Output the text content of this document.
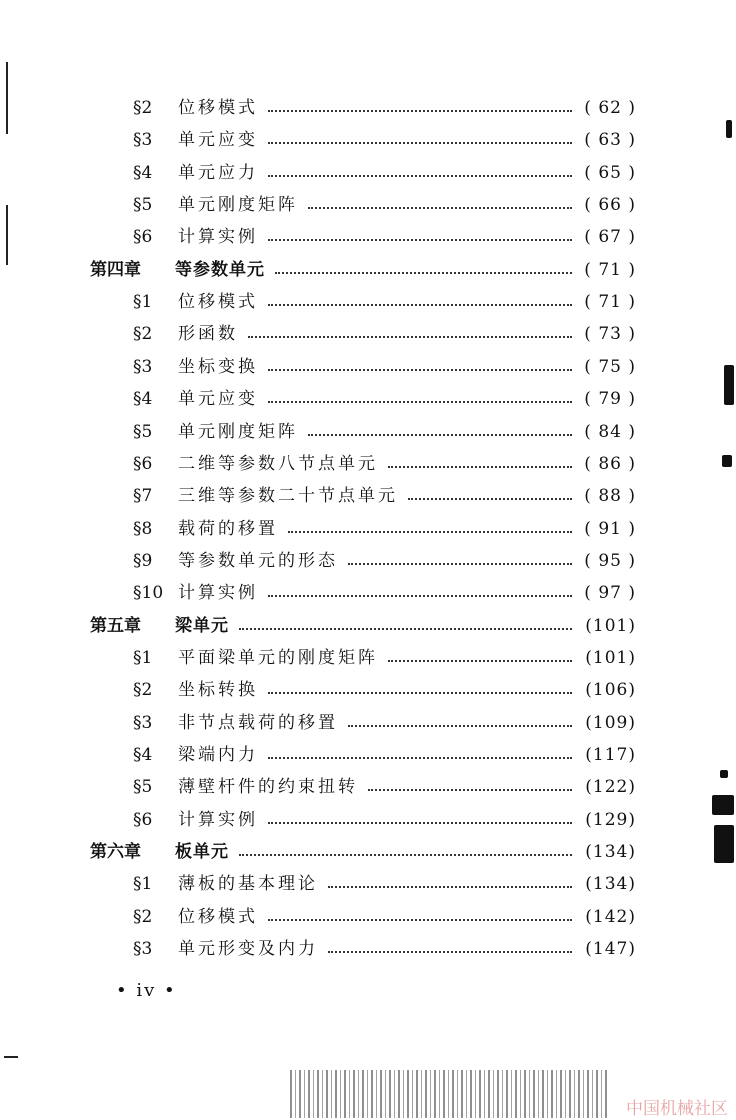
§2 位移模式	( 62 )
§3 单元应变	( 63 )
§4 单元应力	( 65 )
§5 单元刚度矩阵	( 66 )
§6 计算实例	( 67 )
第四章 等参数单元	( 71 )
§1 位移模式	( 71 )
§2 形函数	( 73 )
§3 坐标变换	( 75 )
§4 单元应变	( 79 )
§5 单元刚度矩阵	( 84 )
§6 二维等参数八节点单元	( 86 )
§7 三维等参数二十节点单元	( 88 )
§8 载荷的移置	( 91 )
§9 等参数单元的形态	( 95 )
§10 计算实例	( 97 )
第五章 梁单元	(101)
§1 平面梁单元的刚度矩阵	(101)
§2 坐标转换	(106)
§3 非节点载荷的移置	(109)
§4 梁端内力	(117)
§5 薄壁杆件的约束扭转	(122)
§6 计算实例	(129)
第六章 板单元	(134)
§1 薄板的基本理论	(134)
§2 位移模式	(142)
§3 单元形变及内力	(147)
• iv •
中国机械社区
